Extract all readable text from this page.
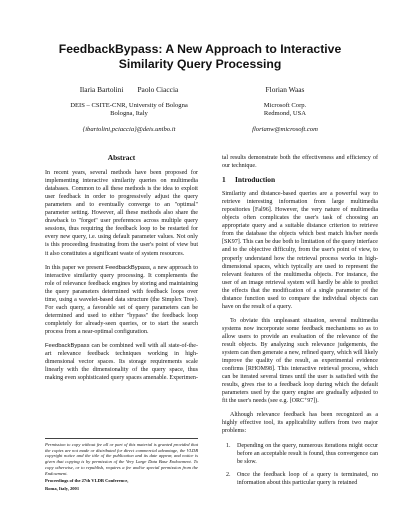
FeedbackBypass: A New Approach to Interactive
Similarity Query Processing
Ilaria Bartolini Paolo Ciaccia
DEIS – CSITE-CNR, University of Bologna
Bologna, Italy
{ibartolini,pciaccia}@deis.unibo.it
Florian Waas
Microsoft Corp.
Redmond, USA
florianw@microsoft.com
Abstract

In recent years, several methods have been proposed for implementing interactive similarity queries on multimedia databases. Common to all these methods is the idea to exploit user feedback in order to progressively adjust the query parameters and to eventually converge to an "optimal" parameter setting. However, all these methods also share the drawback to "forget" user preferences across multiple query sessions, thus requiring the feedback loop to be restarted for every new query, i.e. using default parameter values. Not only is this proceeding frustrating from the user's point of view but it also constitutes a significant waste of system resources.

In this paper we present FeedbackBypass, a new approach to interactive similarity query processing. It complements the role of relevance feedback engines by storing and maintaining the query parameters determined with feedback loops over time, using a wavelet-based data structure (the Simplex Tree). For each query, a favorable set of query parameters can be determined and used to either "bypass" the feedback loop completely for already-seen queries, or to start the search process from a near-optimal configuration.

FeedbackBypass can be combined well with all state-of-the-art relevance feedback techniques working in high-dimensional vector spaces. Its storage requirements scale linearly with the dimensionality of the query space, thus making even sophisticated query spaces amenable. Experimen-

tal results demonstrate both the effectiveness and efficiency of our technique.

1 Introduction

Similarity and distance-based queries are a powerful way to retrieve interesting information from large multimedia repositories [Fal96]. However, the very nature of multimedia objects often complicates the user's task of choosing an appropriate query and a suitable distance criterion to retrieve from the database the objects which best match his/her needs [SK97]. This can be due both to limitation of the query interface and to the objective difficulty, from the user's point of view, to properly understand how the retrieval process works in high-dimensional spaces, which typically are used to represent the relevant features of the multimedia objects. For instance, the user of an image retrieval system will hardly be able to predict the effects that the modification of a single parameter of the distance function used to compare the individual objects can have on the result of a query.

To obviate this unpleasant situation, several multimedia systems now incorporate some feedback mechanisms so as to allow users to provide an evaluation of the relevance of the result objects. By analyzing such relevance judgements, the system can then generate a new, refined query, which will likely improve the quality of the result, as experimental evidence confirms [RHOM98]. This interactive retrieval process, which can be iterated several times until the user is satisfied with the results, gives rise to a feedback loop during which the default parameters used by the query engine are gradually adjusted to fit the user's needs (see e.g. [ORC⁺97]).

Although relevance feedback has been recognized as a highly effective tool, its applicability suffers from two major problems:

1. Depending on the query, numerous iterations might occur before an acceptable result is found, thus convergence can be slow.
2. Once the feedback loop of a query is terminated, no information about this particular query is retained
Permission to copy without fee all or part of this material is granted provided that the copies are not made or distributed for direct commercial advantage, the VLDB copyright notice and the title of the publication and its date appear, and notice is given that copying is by permission of the Very Large Data Base Endowment. To copy otherwise, or to republish, requires a fee and/or special permission from the Endowment.
Proceedings of the 27th VLDB Conference,
Roma, Italy, 2001
